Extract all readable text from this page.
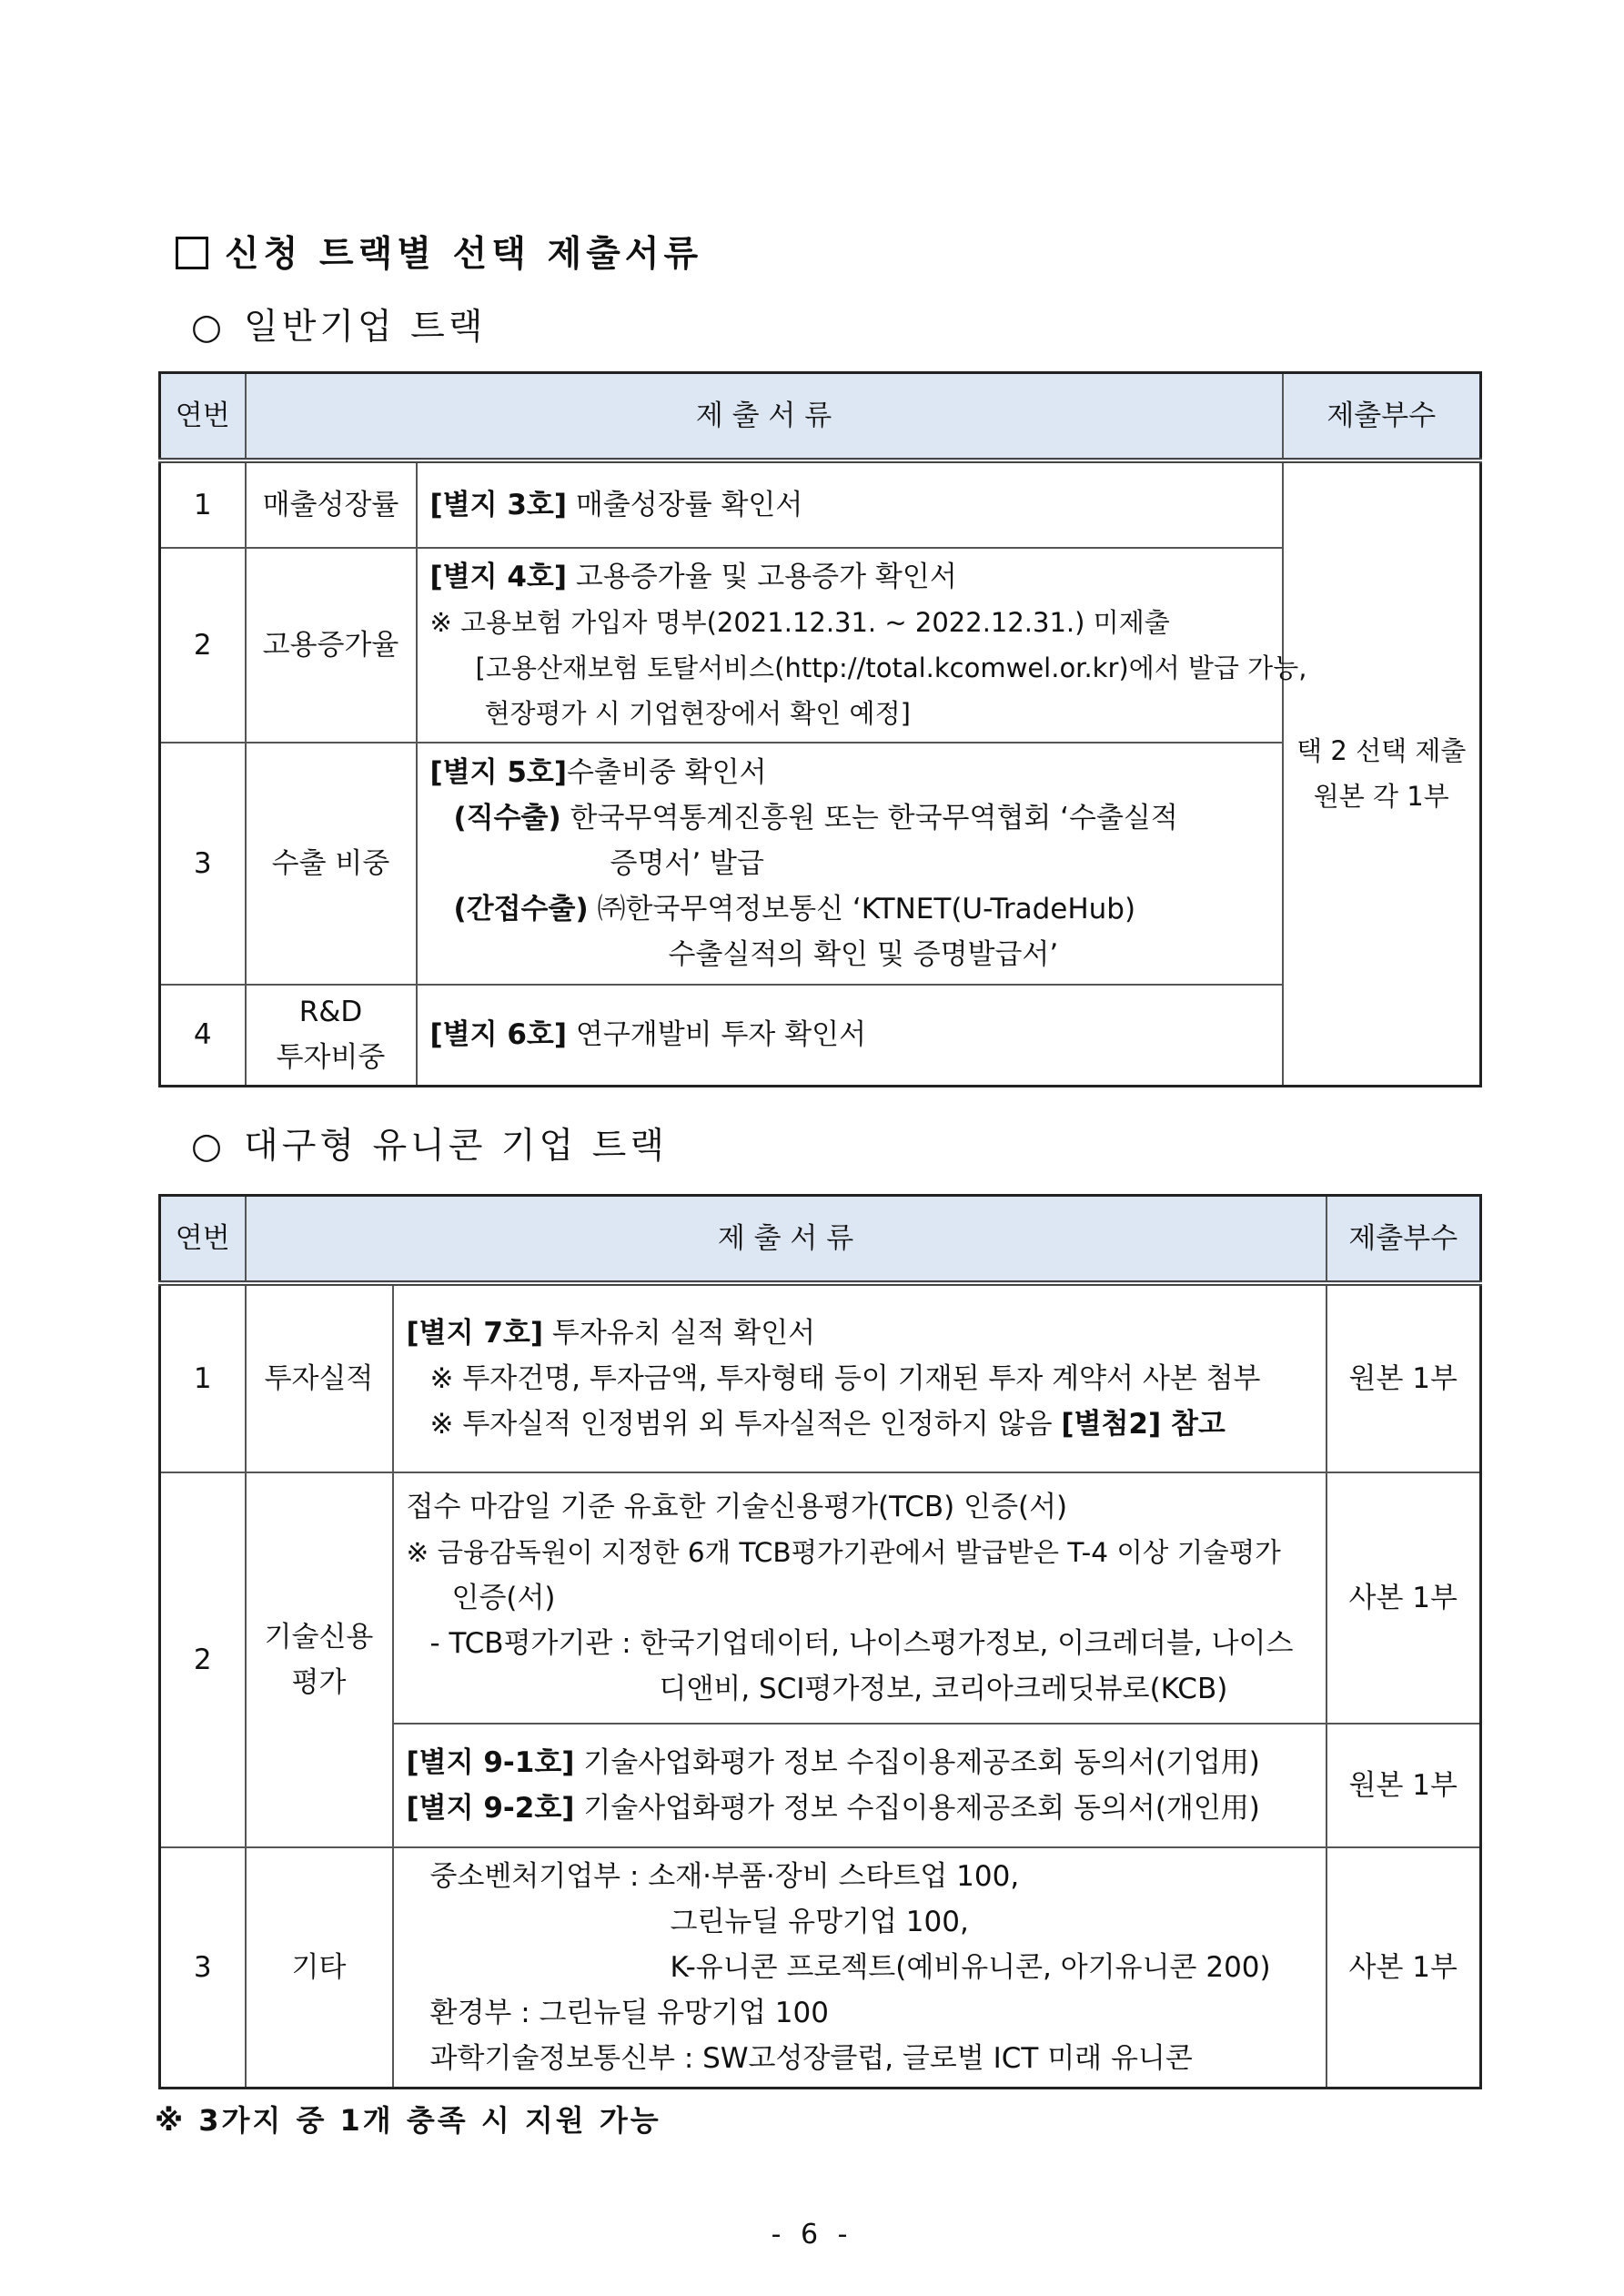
신청 트랙별 선택 제출서류
○ 일반기업 트랙
연번	제 출 서 류		제출부수
1	매출성장률	[별지 3호] 매출성장률 확인서	택 2 선택 제출
원본 각 1부

2	고용증가율	[별지 4호] 고용증가율 및 고용증가 확인서
※ 고용보험 가입자 명부(2021.12.31. ~ 2022.12.31.) 미제출
[고용산재보험 토탈서비스(http://total.kcomwel.or.kr)에서 발급 가능,
현장평가 시 기업현장에서 확인 예정]	

3	수출 비중	[별지 5호]수출비중 확인서
(직수출) 한국무역통계진흥원 또는 한국무역협회 ‘수출실적
증명서’ 발급
(간접수출) ㈜한국무역정보통신 ‘KTNET(U-TradeHub)
수출실적의 확인 및 증명발급서’	

4	R&D
투자비중	[별지 6호] 연구개발비 투자 확인서	
○ 대구형 유니콘 기업 트랙
연번	제 출 서 류		제출부수
1	투자실적	[별지 7호] 투자유치 실적 확인서
※ 투자건명, 투자금액, 투자형태 등이 기재된 투자 계약서 사본 첨부
※ 투자실적 인정범위 외 투자실적은 인정하지 않음 [별첨2] 참고	원본 1부
2	기술신용
평가	접수 마감일 기준 유효한 기술신용평가(TCB) 인증(서)
※ 금융감독원이 지정한 6개 TCB평가기관에서 발급받은 T-4 이상 기술평가
인증(서)
- TCB평가기관 : 한국기업데이터, 나이스평가정보, 이크레더블, 나이스
디앤비, SCI평가정보, 코리아크레딧뷰로(KCB)	사본 1부

		[별지 9-1호] 기술사업화평가 정보 수집이용제공조회 동의서(기업用)
[별지 9-2호] 기술사업화평가 정보 수집이용제공조회 동의서(개인用)	원본 1부
3	기타	중소벤처기업부 : 소재·부품·장비 스타트업 100,
그린뉴딜 유망기업 100,
K-유니콘 프로젝트(예비유니콘, 아기유니콘 200)
환경부 : 그린뉴딜 유망기업 100
과학기술정보통신부 : SW고성장클럽, 글로벌 ICT 미래 유니콘	사본 1부
※ 3가지 중 1개 충족 시 지원 가능
- 6 -
